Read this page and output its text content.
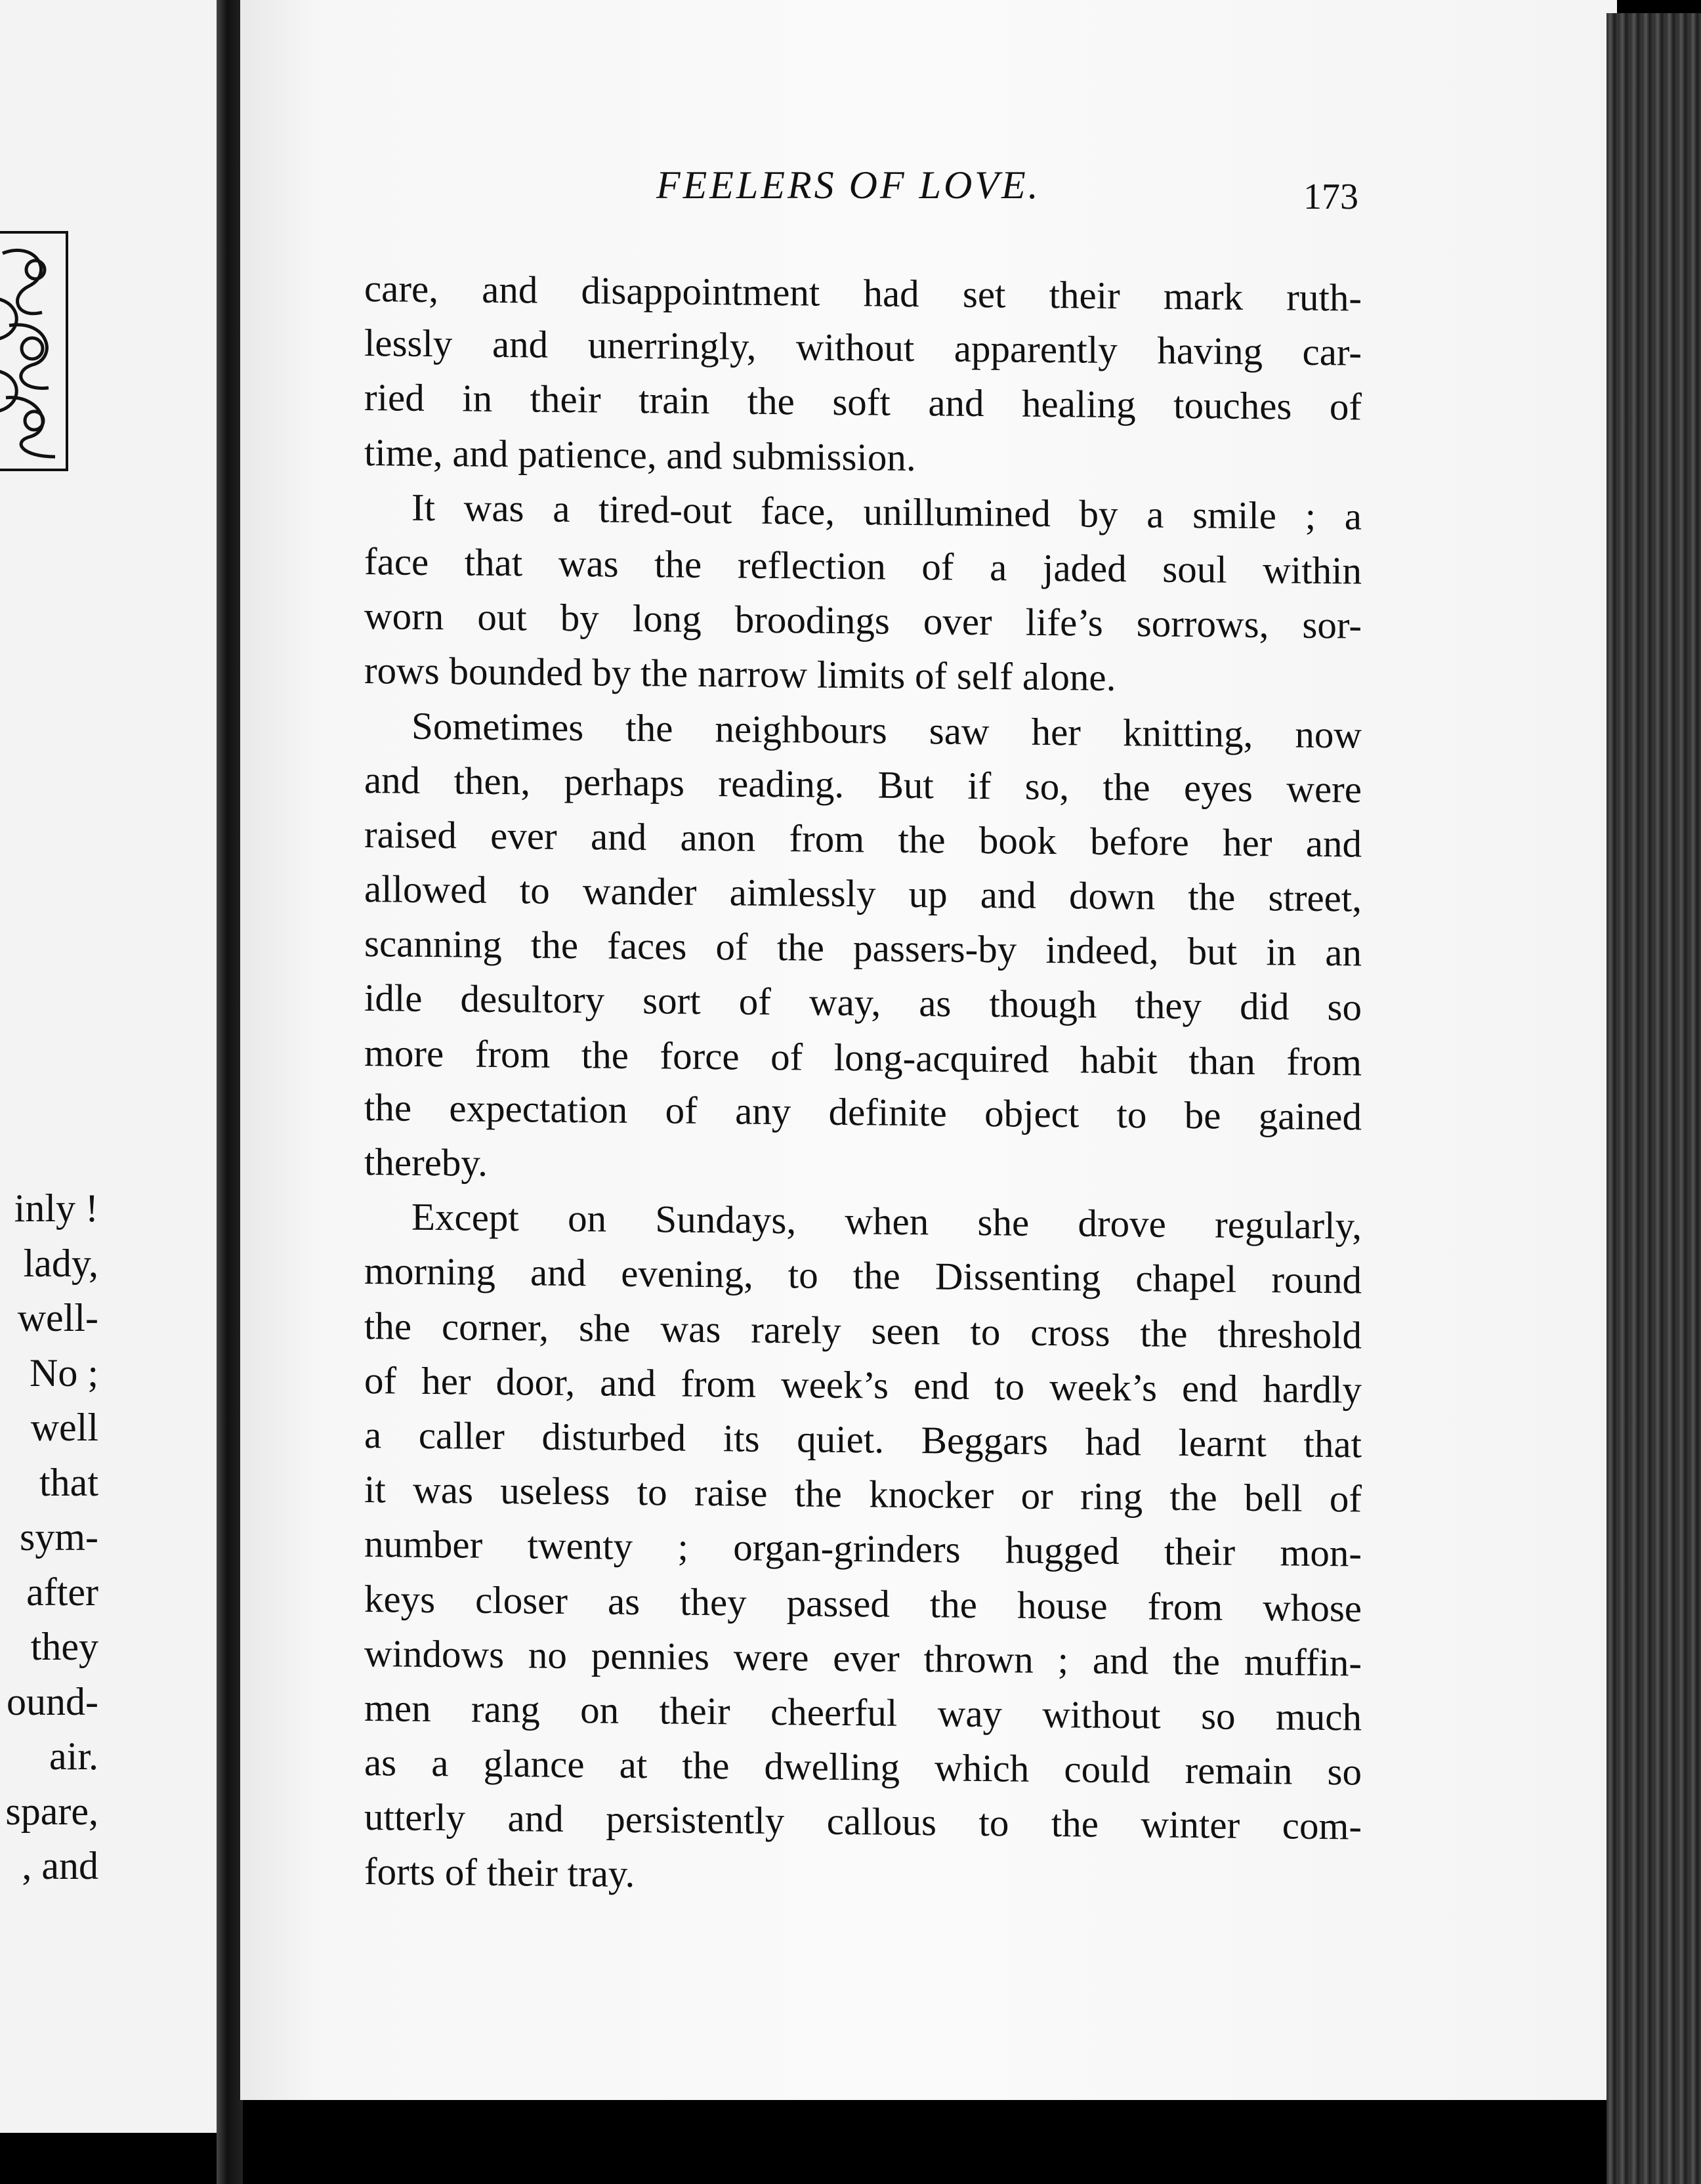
inly !
lady,
well-
No ;
well
that
sym-
after
they
ound-
air.
spare,
, and
FEELERS OF LOVE.	173
care, and disappointment had set their mark ruth-
lessly and unerringly, without apparently having car-
ried in their train the soft and healing touches of
time, and patience, and submission.
It was a tired-out face, unillumined by a smile ; a
face that was the reflection of a jaded soul within
worn out by long broodings over life’s sorrows, sor-
rows bounded by the narrow limits of self alone.
Sometimes the neighbours saw her knitting, now
and then, perhaps reading. But if so, the eyes were
raised ever and anon from the book before her and
allowed to wander aimlessly up and down the street,
scanning the faces of the passers-by indeed, but in an
idle desultory sort of way, as though they did so
more from the force of long-acquired habit than from
the expectation of any definite object to be gained
thereby.
Except on Sundays, when she drove regularly,
morning and evening, to the Dissenting chapel round
the corner, she was rarely seen to cross the threshold
of her door, and from week’s end to week’s end hardly
a caller disturbed its quiet. Beggars had learnt that
it was useless to raise the knocker or ring the bell of
number twenty ; organ-grinders hugged their mon-
keys closer as they passed the house from whose
windows no pennies were ever thrown ; and the muffin-
men rang on their cheerful way without so much
as a glance at the dwelling which could remain so
utterly and persistently callous to the winter com-
forts of their tray.
